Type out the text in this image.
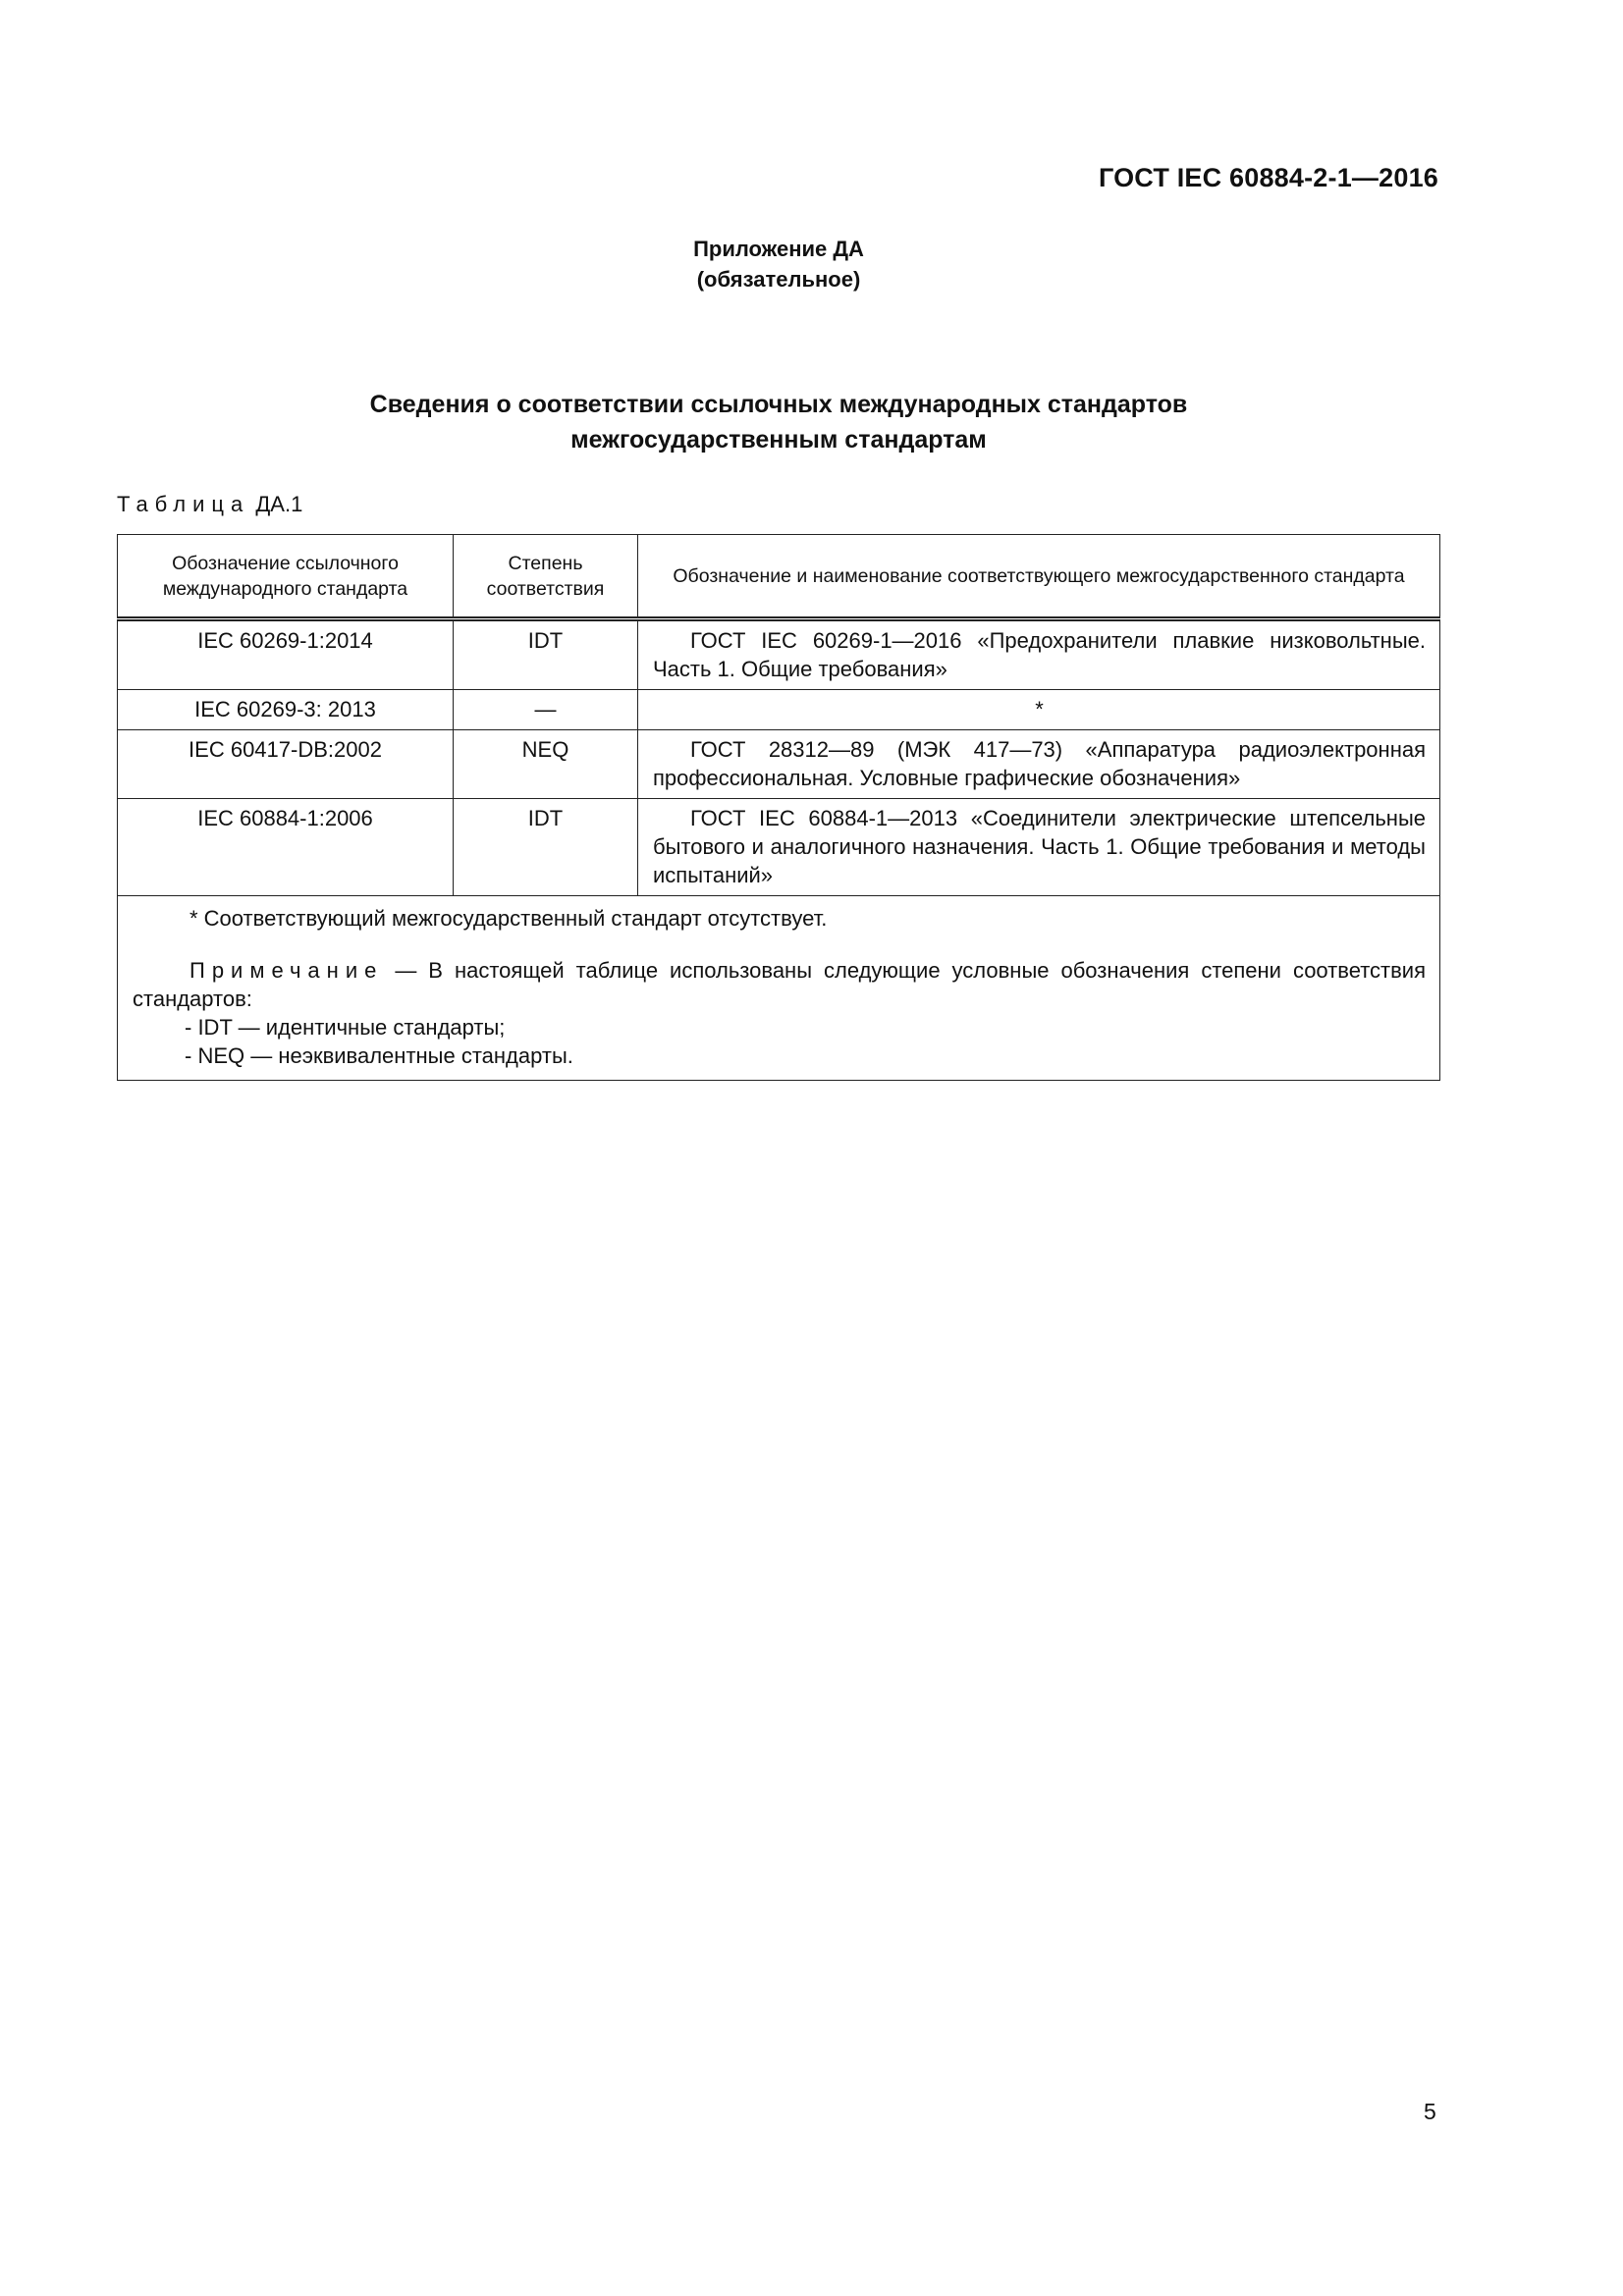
ГОСТ IEC 60884-2-1—2016
Приложение ДА
(обязательное)
Сведения о соответствии ссылочных международных стандартов
межгосударственным стандартам
Таблица ДА.1
Обозначение ссылочного международного стандарта	Степень соответствия	Обозначение и наименование соответствующего межгосударственного стандарта
IEC 60269-1:2014	IDT	ГОСТ IEC 60269-1—2016 «Предохранители плавкие низковольтные. Часть 1. Общие требования»
IEC 60269-3: 2013	—	*
IEC 60417-DB:2002	NEQ	ГОСТ 28312—89 (МЭК 417—73) «Аппаратура радиоэлектронная профессиональная. Условные графические обозначения»
IEC 60884-1:2006	IDT	ГОСТ IEC 60884-1—2013 «Соединители электрические штепсельные бытового и аналогичного назначения. Часть 1. Общие требования и методы испытаний»

* Соответствующий межгосударственный стандарт отсутствует.

Примечание — В настоящей таблице использованы следующие условные обозначения степени соответствия стандартов:

- IDT — идентичные стандарты;

- NEQ — неэквивалентные стандарты.		

5
